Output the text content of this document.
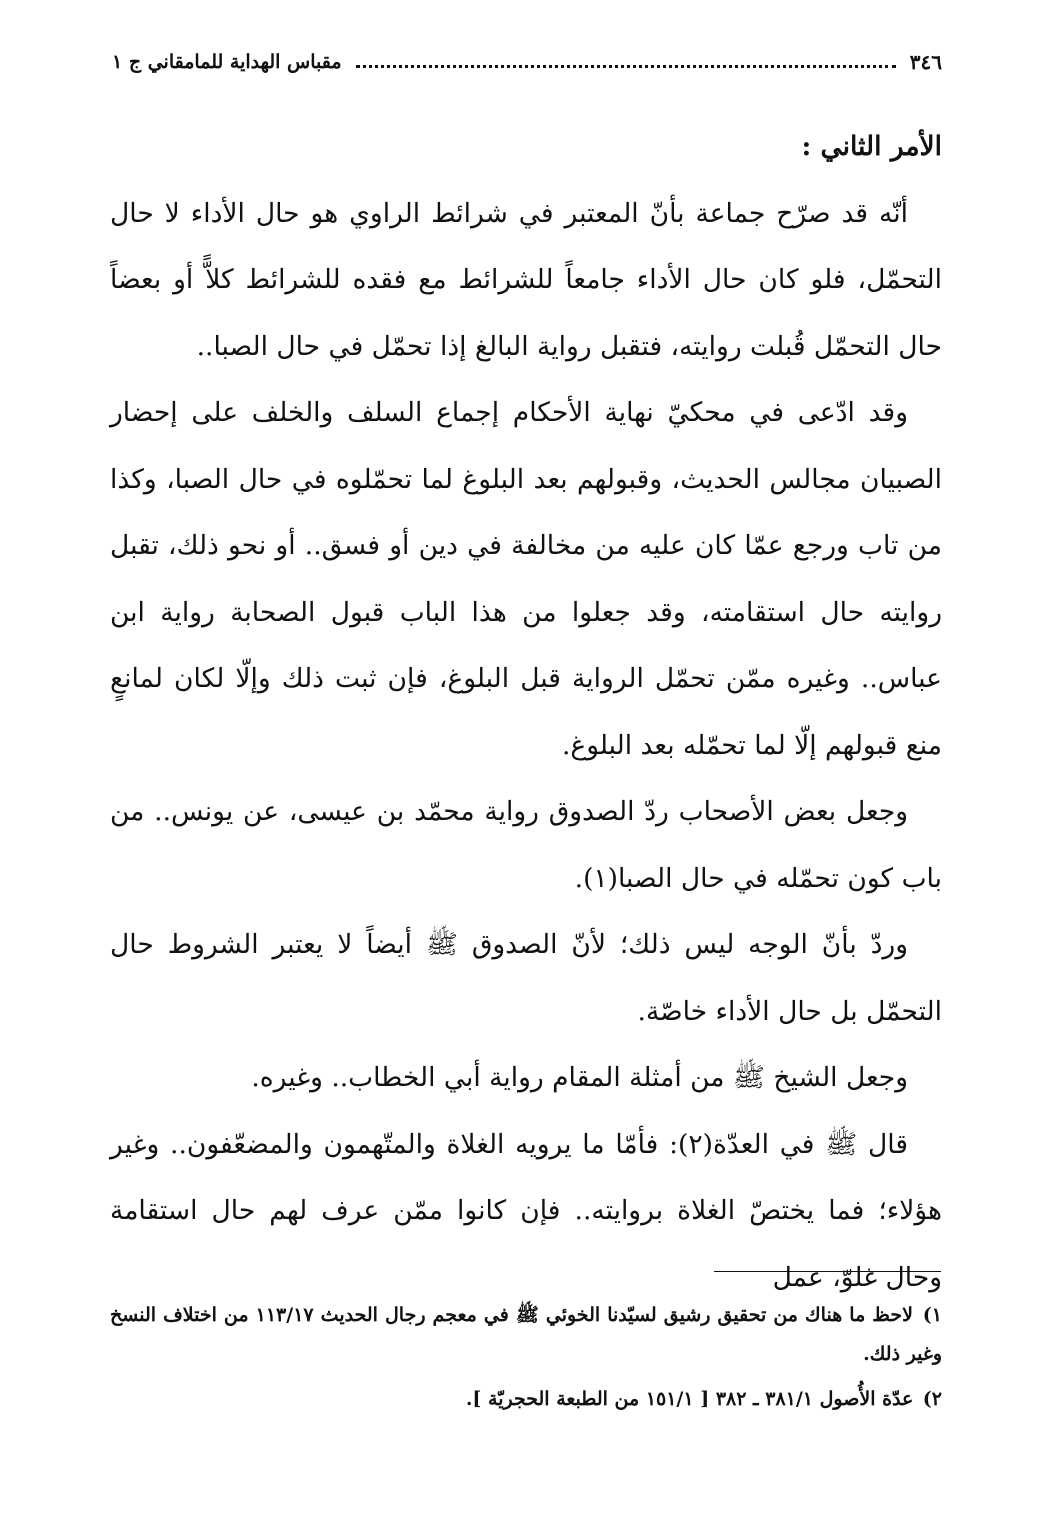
٣٤٦
مقباس الهداية للمامقاني ج ١

الأمر الثاني :

أنّه قد صرّح جماعة بأنّ المعتبر في شرائط الراوي هو حال الأداء لا حال التحمّل، فلو كان حال الأداء جامعاً للشرائط مع فقده للشرائط كلاًّ أو بعضاً حال التحمّل قُبلت روايته، فتقبل رواية البالغ إذا تحمّل في حال الصبا..

وقد ادّعى في محكيّ نهاية الأحكام إجماع السلف والخلف على إحضار الصبيان مجالس الحديث، وقبولهم بعد البلوغ لما تحمّلوه في حال الصبا، وكذا من تاب ورجع عمّا كان عليه من مخالفة في دين أو فسق.. أو نحو ذلك، تقبل روايته حال استقامته، وقد جعلوا من هذا الباب قبول الصحابة رواية ابن عباس.. وغيره ممّن تحمّل الرواية قبل البلوغ، فإن ثبت ذلك وإلّا لكان لمانعٍ منع قبولهم إلّا لما تحمّله بعد البلوغ.

وجعل بعض الأصحاب ردّ الصدوق رواية محمّد بن عيسى، عن يونس.. من باب كون تحمّله في حال الصبا(١).

وردّ بأنّ الوجه ليس ذلك؛ لأنّ الصدوق ﷺ أيضاً لا يعتبر الشروط حال التحمّل بل حال الأداء خاصّة.

وجعل الشيخ ﷺ من أمثلة المقام رواية أبي الخطاب.. وغيره.

قال ﷺ في العدّة(٢): فأمّا ما يرويه الغلاة والمتّهمون والمضعّفون.. وغير هؤلاء؛ فما يختصّ الغلاة بروايته.. فإن كانوا ممّن عرف لهم حال استقامة وحال غلوّ، عمل

١) لاحظ ما هناك من تحقيق رشيق لسيّدنا الخوئي ﷺ في معجم رجال الحديث ١١٣/١٧ من اختلاف النسخ وغير ذلك.

٢) عدّة الأُصول ٣٨١/١ ـ ٣٨٢ [ ١٥١/١ من الطبعة الحجريّة ].
